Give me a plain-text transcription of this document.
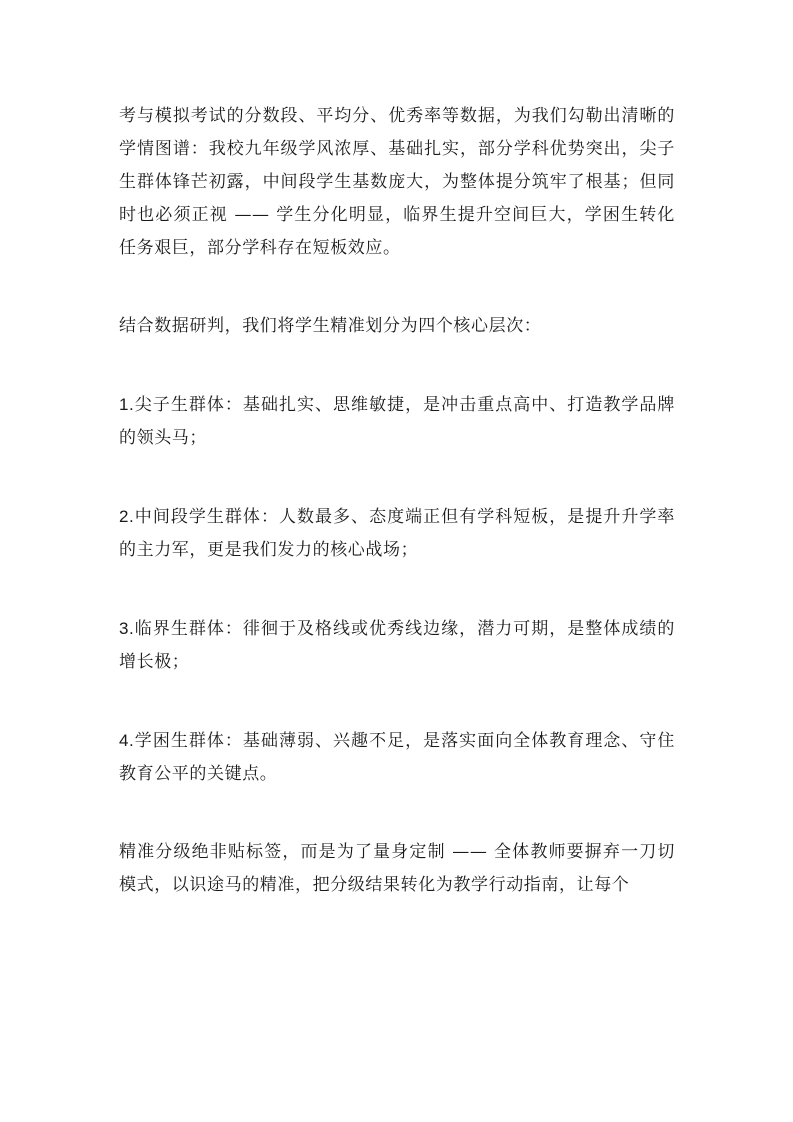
考与模拟考试的分数段、平均分、优秀率等数据，为我们勾勒出清晰的学情图谱：我校九年级学风浓厚、基础扎实，部分学科优势突出，尖子生群体锋芒初露，中间段学生基数庞大，为整体提分筑牢了根基；但同时也必须正视 —— 学生分化明显，临界生提升空间巨大，学困生转化任务艰巨，部分学科存在短板效应。

结合数据研判，我们将学生精准划分为四个核心层次：

1.尖子生群体：基础扎实、思维敏捷，是冲击重点高中、打造教学品牌的领头马；

2.中间段学生群体：人数最多、态度端正但有学科短板，是提升升学率的主力军，更是我们发力的核心战场；

3.临界生群体：徘徊于及格线或优秀线边缘，潜力可期，是整体成绩的增长极；

4.学困生群体：基础薄弱、兴趣不足，是落实面向全体教育理念、守住教育公平的关键点。

精准分级绝非贴标签，而是为了量身定制 —— 全体教师要摒弃一刀切模式，以识途马的精准，把分级结果转化为教学行动指南，让每个
